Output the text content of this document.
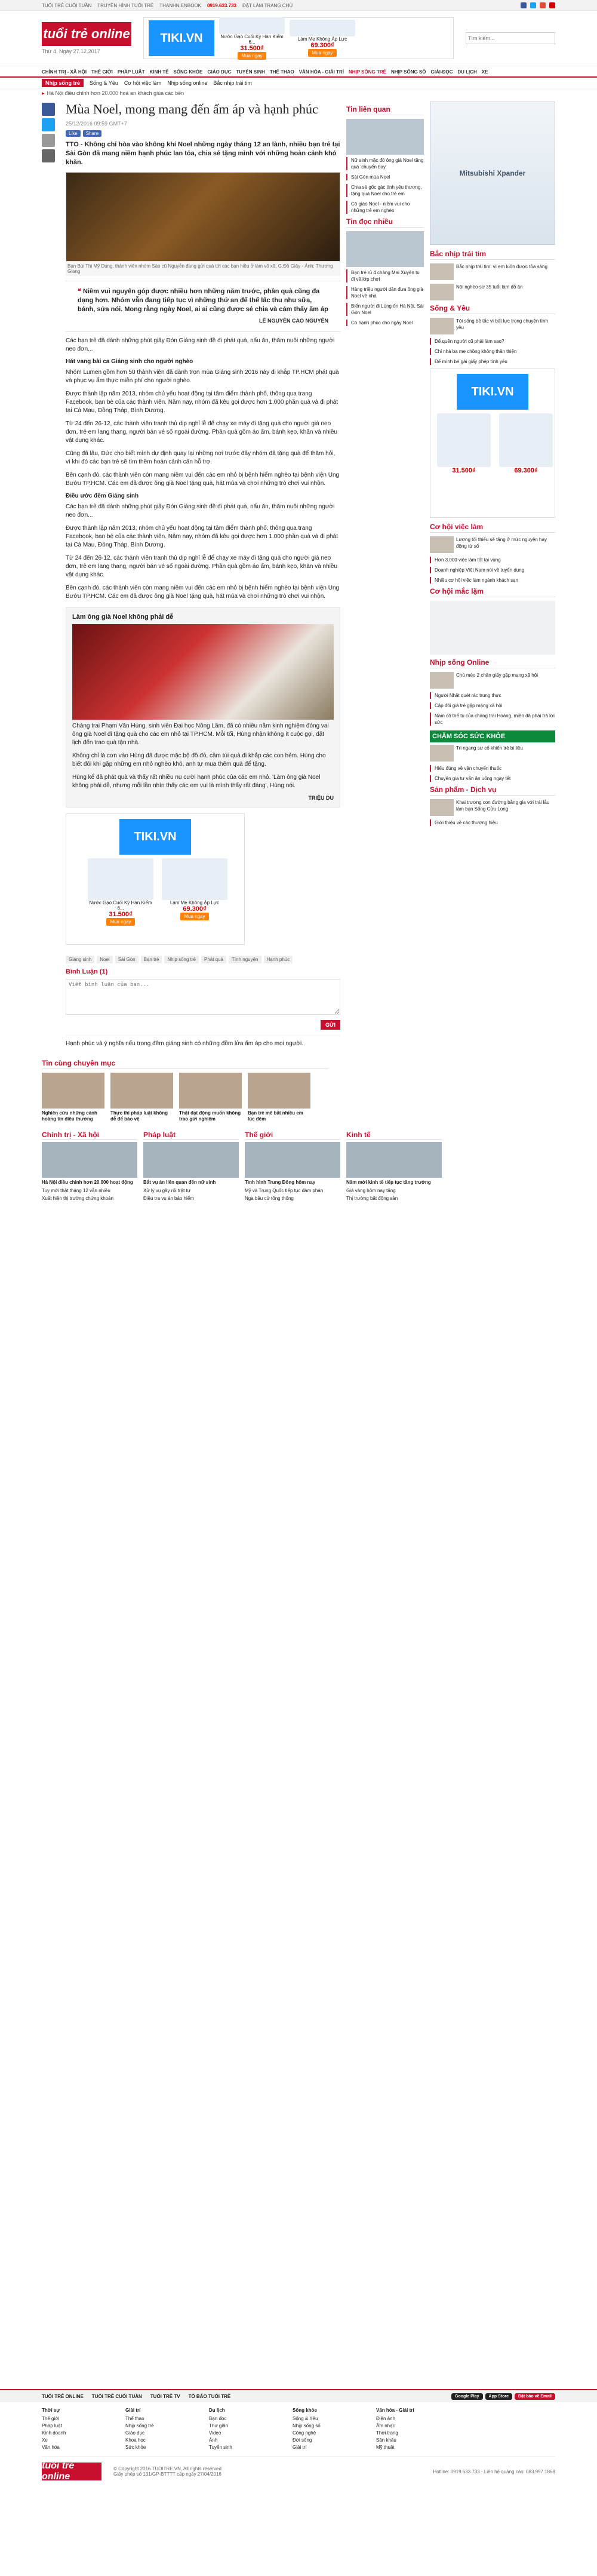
TUỔI TRẺ CUỐI TUẦN TRUYỀN HÌNH TUỔI TRẺ THANHNIENBOOK 0919.633.733 ĐẶT LÀM TRANG CHỦ
tuổi trẻ online
Thứ 4, Ngày 27.12.2017
TIKI.VN	Nước Gạo Cuối Kỳ Hàn Kiểm 6...
31.500₫
Mua ngay
Làm Mẹ Không Áp Lực
69.300₫
Mua ngay
Tìm kiếm...
CHÍNH TRỊ - XÃ HỘI THẾ GIỚI PHÁP LUẬT KINH TẾ SỐNG KHỎE GIÁO DỤC TUYỂN SINH THỂ THAO VĂN HÓA - GIẢI TRÍ NHỊP SỐNG TRẺ NHỊP SỐNG SỐ GIẢI-ĐỌC DU LỊCH XE
Nhịp sống trẻ	Sống & Yêu Cơ hội việc làm Nhịp sống online Bắc nhịp trái tim
▸ Hà Nội điều chỉnh hơn 20.000 hoá an khách giúa các bến
Mùa Noel, mong mang đến ấm áp và hạnh phúc
25/12/2016 09:59 GMT+7
Like	Share
TTO - Không chỉ hòa vào không khí Noel những ngày tháng 12 an lành, nhiều bạn trẻ tại Sài Gòn đã mang niềm hạnh phúc lan tỏa, chia sẻ tặng mình với những hoàn cảnh khó khăn.
Bạn Bùi Thị Mỹ Dung, thành viên nhóm Sáo cũ Nguyễn đang gửi quà tới các bạn hiều ở làm võ xã, G.Đồ Giây - Ảnh: Thương Giang
❝ Niềm vui nguyên góp được nhiều hơn những năm trước, phần quà cũng đa dạng hơn. Nhóm vẫn đang tiếp tục vì những thứ an để thể lấc thu nhu sữa, bánh, sửa nói. Mong rằng ngày Noel, ai ai cũng được sẻ chia và cảm thấy ấm áp
LÊ NGUYÊN CAO NGUYÊN
Các bạn trẻ đã dành những phút giây Đón Giáng sinh đề đi phát quà, nấu ăn, thăm nuôi những người neo đơn...
Hát vang bài ca Giáng sinh cho người nghèo
Nhóm Lumen gồm hơn 50 thành viên đã dành trọn mùa Giáng sinh 2016 này đi khắp TP.HCM phát quà và phục vụ ẩm thực miễn phí cho người nghèo.
Được thành lập năm 2013, nhóm chủ yếu hoạt động tại tâm điểm thành phố, thông qua trang Facebook, bạn bè của các thành viên. Năm nay, nhóm đã kêu gọi được hơn 1.000 phần quà và đi phát tại Cà Mau, Đồng Tháp, Bình Dương.
Từ 24 đến 26-12, các thành viên tranh thủ dịp nghỉ lễ để chạy xe máy đi tặng quà cho người già neo đơn, trẻ em lang thang, người bán vé số ngoài đường. Phần quà gồm áo ấm, bánh kẹo, khăn và nhiều vật dụng khác.
Cũng đã lâu, Đức cho biết mình dự định quay lại những nơi trước đây nhóm đã tặng quà để thăm hỏi, vì khi đó các bạn trẻ sẽ tìm thêm hoàn cảnh cần hỗ trợ.
Bên cạnh đó, các thành viên còn mang niềm vui đến các em nhỏ bị bệnh hiểm nghèo tại bệnh viện Ung Bướu TP.HCM. Các em đã được ông già Noel tặng quà, hát múa và chơi những trò chơi vui nhộn.
Điều ước đêm Giáng sinh
Các bạn trẻ đã dành những phút giây Đón Giáng sinh đề đi phát quà, nấu ăn, thăm nuôi những người neo đơn...
Được thành lập năm 2013, nhóm chủ yếu hoạt động tại tâm điểm thành phố, thông qua trang Facebook, bạn bè của các thành viên. Năm nay, nhóm đã kêu gọi được hơn 1.000 phần quà và đi phát tại Cà Mau, Đồng Tháp, Bình Dương.
Từ 24 đến 26-12, các thành viên tranh thủ dịp nghỉ lễ để chạy xe máy đi tặng quà cho người già neo đơn, trẻ em lang thang, người bán vé số ngoài đường. Phần quà gồm áo ấm, bánh kẹo, khăn và nhiều vật dụng khác.
Bên cạnh đó, các thành viên còn mang niềm vui đến các em nhỏ bị bệnh hiểm nghèo tại bệnh viện Ung Bướu TP.HCM. Các em đã được ông già Noel tặng quà, hát múa và chơi những trò chơi vui nhộn.
Làm ông già Noel không phải dễ
Chàng trai Phạm Văn Hùng, sinh viên Đại học Nông Lâm, đã có nhiều năm kinh nghiệm đóng vai ông già Noel đi tặng quà cho các em nhỏ tại TP.HCM. Mỗi tối, Hùng nhận không ít cuộc gọi, đặt lịch đến trao quà tận nhà.
Không chỉ là cơn vào Hùng đã được mặc bộ đồ đỏ, cầm túi quà đi khắp các con hẻm. Hùng cho biết đôi khi gặp những em nhỏ nghèo khó, anh tự mua thêm quà để tặng.
Hùng kể đã phát quà và thấy rất nhiều nụ cười hạnh phúc của các em nhỏ. 'Làm ông già Noel không phải dễ, nhưng mỗi lần nhìn thấy các em vui là mình thấy rất đáng', Hùng nói.
TRIỆU DU
TIKI.VN
Nước Gạo Cuối Kỳ Hàn Kiểm 6...
31.500₫
Mua ngay
Làm Mẹ Không Áp Lực
69.300₫
Mua ngay
Giáng sinh	Noel	Sài Gòn	Bạn trẻ	Nhịp sống trẻ	Phát quà	Tình nguyện	Hạnh phúc
Bình Luận (1)
Viết bình luận của bạn...
GỬI
Hạnh phúc và ý nghĩa nếu trong đêm giáng sinh có những đồm lửa ấm áp cho mọi người.
Tin liên quan
Nữ sinh mặc đồ ông già Noel tặng quà 'chuyến bay'
Sài Gòn mùa Noel
Chia sẻ gốc gác tình yêu thương, tặng quà Noel cho trẻ em
Cô giáo Noel - niềm vui cho những trẻ em nghèo
Tin đọc nhiều
Bạn trẻ rủ 4 chàng Mai Xuyên tu đi về lớp chơi
Hàng triệu người dân đưa ông già Noel về nhà
Biển người đi Lúng ốn Hà Nội, Sài Gòn Noel
Có hạnh phúc cho ngày Noel
Mitsubishi Xpander
Bắc nhịp trái tim
Bắc nhịp trái tim: vì em luôn được tỏa sáng
Nội nghèo sơ 35 tuổi làm đồ ăn
Sống & Yêu
Tôi sống bề tắc vì bất lực trong chuyện tình yêu
Để quên người cũ phải làm sao?
Chỉ nhà ba mẹ chồng không thân thiện
Để mình bé gái giấy phép tình yêu
TIKI.VN
31.500₫	69.300₫
Cơ hội việc làm
Lương tối thiểu sẽ tăng ở mức nguyên hay động từ số
Hơn 3.000 việc làm tốt tại vùng
Doanh nghiệp Việt Nam nói về tuyển dụng
Nhiều cơ hội việc làm ngành khách sạn
Cơ hội mắc lặm
Nhịp sống Online
Chú mèo 2 chân giấy gặp mạng xã hội
Người Nhật quét rác trung thực
Cặp đôi già trẻ gặp mạng xã hội
Nam cô thể tu của chàng trai Hoàng, miền đã phải trả lời sức
CHĂM SÓC SỨC KHỎE
Tri ngang sự cố khiến trẻ bị liệu
Hiểu đúng về vận chuyển thuốc
Chuyên gia tư vấn ăn uống ngày tết
Sản phẩm - Dịch vụ
Khai trương con đường bằng gia với trái lẫu làm bạn Sống Cửu Long
Giới thiệu về các thương hiệu
Tin cùng chuyên mục
Nghiên cứu những cảnh hoàng tín điều thường
Thực thi pháp luật không dễ để bảo vệ
Thật đạt động muốn không trao gửi nghiêm
Bạn trẻ mê bắt nhiều em lúc đêm
Chính trị - Xã hội
Hà Nội điều chỉnh hơn 20.000 hoạt động
Tuy mới thật tháng 12 vẫn nhiều
Xuất hiện thị trường chứng khoán
Pháp luật
Bắt vụ án liên quan đến nữ sinh
Xử lý vụ gây rối trật tự
Điều tra vụ án bảo hiểm
Thế giới
Tình hình Trung Đông hôm nay
Mỹ và Trung Quốc tiếp tục đàm phán
Nga bầu cử tổng thống
Kinh tế
Năm mới kinh tế tiếp tục tăng trưởng
Giá vàng hôm nay tăng
Thị trường bất động sản
TUỔI TRẺ ONLINE TUỔI TRẺ CUỐI TUẦN TUỔI TRẺ TV TỔ BÁO TUỔI TRẺ	Google Play	App Store	Đặt báo về Email
Thời sự
Thế giới
Pháp luật
Kinh doanh
Xe
Văn hóa
Giải trí
Thể thao
Nhịp sống trẻ
Giáo dục
Khoa học
Sức khỏe
Du lịch
Bạn đọc
Thư giãn
Video
Ảnh
Tuyển sinh
Sống khỏe
Sống & Yêu
Nhịp sống số
Công nghệ
Đời sống
Giải trí
Văn hóa - Giải trí
Điện ảnh
Âm nhạc
Thời trang
Sân khấu
Mỹ thuật
tuổi trẻ online
© Copyright 2016 TUOITRE.VN, All rights reserved
Giấy phép số 131/GP-BTTTT cấp ngày 27/04/2016	Hotline: 0919.633.733 - Liên hệ quảng cáo: 083.997.1868
